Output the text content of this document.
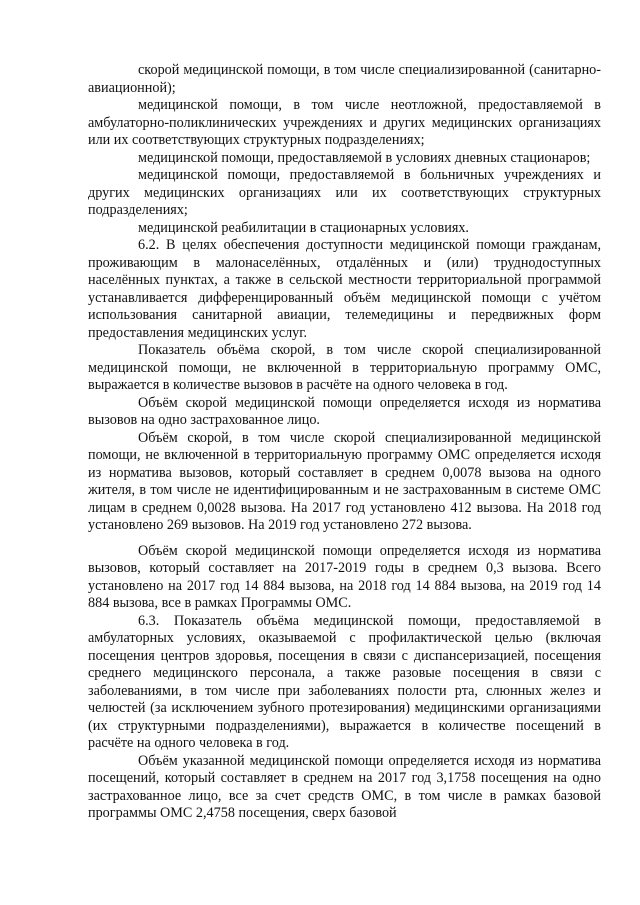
скорой медицинской помощи, в том числе специализированной (санитарно-авиационной);

медицинской помощи, в том числе неотложной, предоставляемой в амбулаторно-поликлинических учреждениях и других медицинских организациях или их соответствующих структурных подразделениях;

медицинской помощи, предоставляемой в условиях дневных стационаров;

медицинской помощи, предоставляемой в больничных учреждениях и других медицинских организациях или их соответствующих структурных подразделениях;

медицинской реабилитации в стационарных условиях.

6.2. В целях обеспечения доступности медицинской помощи гражданам, проживающим в малонаселённых, отдалённых и (или) труднодоступных населённых пунктах, а также в сельской местности территориальной программой устанавливается дифференцированный объём медицинской помощи с учётом использования санитарной авиации, телемедицины и передвижных форм предоставления медицинских услуг.

Показатель объёма скорой, в том числе скорой специализированной медицинской помощи, не включенной в территориальную программу ОМС, выражается в количестве вызовов в расчёте на одного человека в год.

Объём скорой медицинской помощи определяется исходя из норматива вызовов на одно застрахованное лицо.

Объём скорой, в том числе скорой специализированной медицинской помощи, не включенной в территориальную программу ОМС определяется исходя из норматива вызовов, который составляет в среднем 0,0078 вызова на одного жителя, в том числе не идентифицированным и не застрахованным в системе ОМС лицам в среднем 0,0028 вызова. На 2017 год установлено 412 вызова. На 2018 год установлено 269 вызовов. На 2019 год установлено 272 вызова.

Объём скорой медицинской помощи определяется исходя из норматива вызовов, который составляет на 2017-2019 годы в среднем 0,3 вызова. Всего установлено на 2017 год 14 884 вызова, на 2018 год 14 884 вызова, на 2019 год 14 884 вызова, все в рамках Программы ОМС.

6.3. Показатель объёма медицинской помощи, предоставляемой в амбулаторных условиях, оказываемой с профилактической целью (включая посещения центров здоровья, посещения в связи с диспансеризацией, посещения среднего медицинского персонала, а также разовые посещения в связи с заболеваниями, в том числе при заболеваниях полости рта, слюнных желез и челюстей (за исключением зубного протезирования) медицинскими организациями (их структурными подразделениями), выражается в количестве посещений в расчёте на одного человека в год.

Объём указанной медицинской помощи определяется исходя из норматива посещений, который составляет в среднем на 2017 год 3,1758 посещения на одно застрахованное лицо, все за счет средств ОМС, в том числе в рамках базовой программы ОМС 2,4758 посещения, сверх базовой
